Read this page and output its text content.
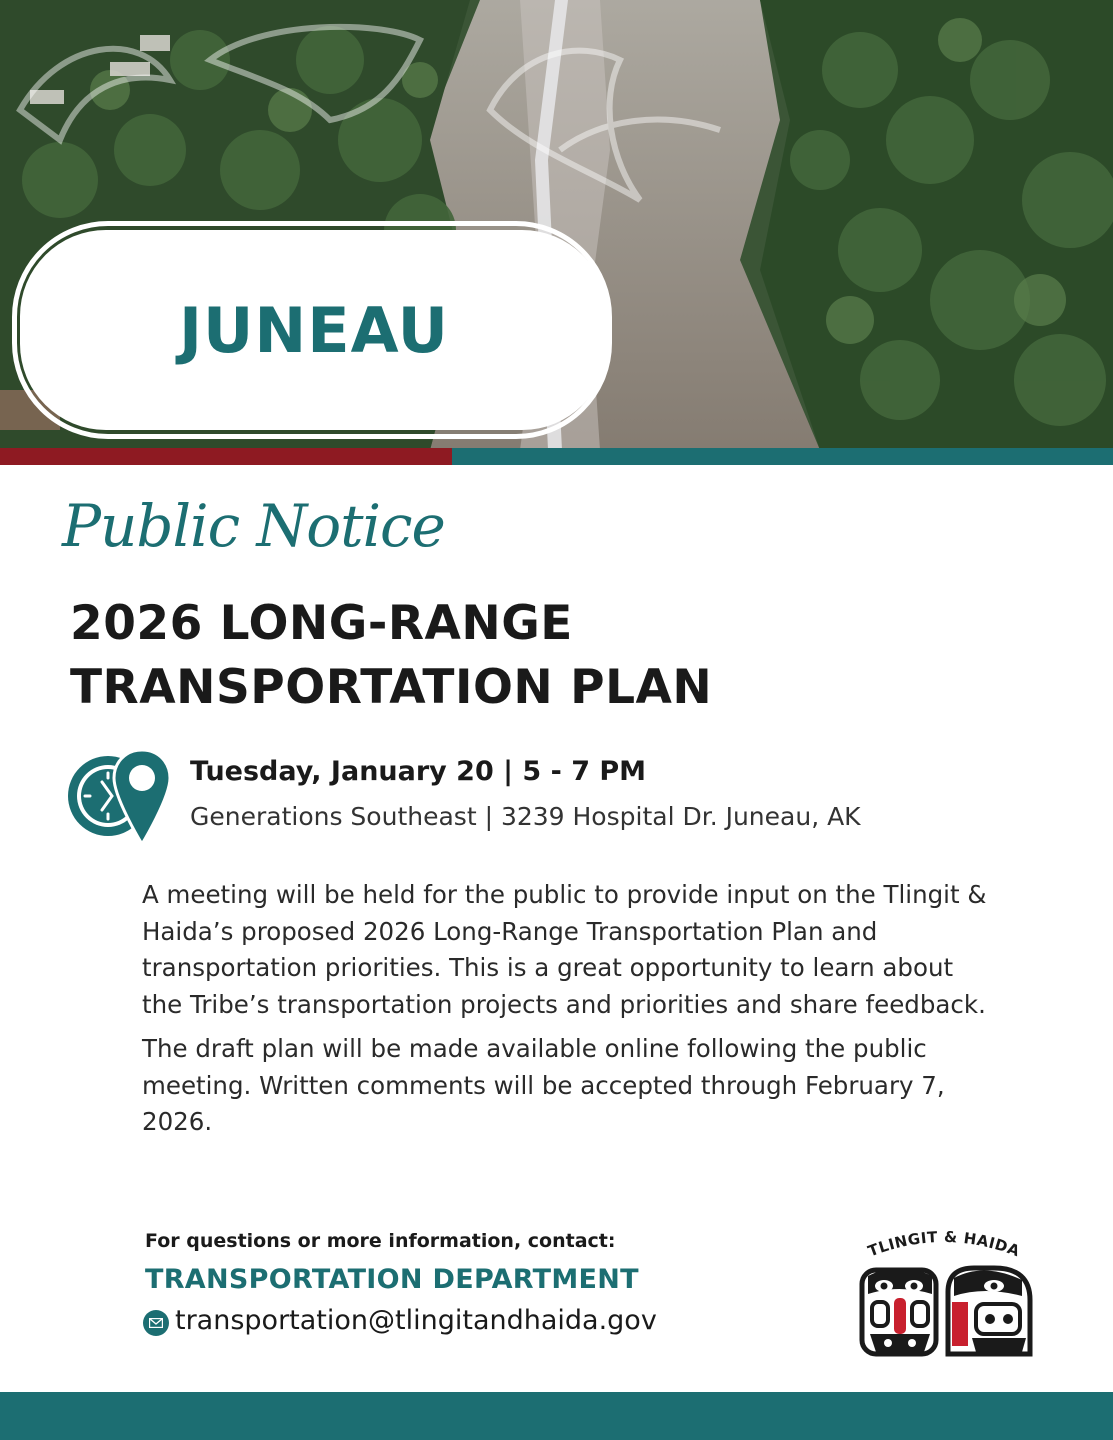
JUNEAU
Public Notice
2026 LONG-RANGE
TRANSPORTATION PLAN
Tuesday, January 20 | 5 - 7 PM
Generations Southeast | 3239 Hospital Dr. Juneau, AK

A meeting will be held for the public to provide input on the Tlingit & Haida’s proposed 2026 Long-Range Transportation Plan and transportation priorities. This is a great opportunity to learn about the Tribe’s transportation projects and priorities and share feedback.

The draft plan will be made available online following the public meeting. Written comments will be accepted through February 7, 2026.

For questions or more information, contact:
TRANSPORTATION DEPARTMENT
transportation@tlingitandhaida.gov
TLINGIT & HAIDA
